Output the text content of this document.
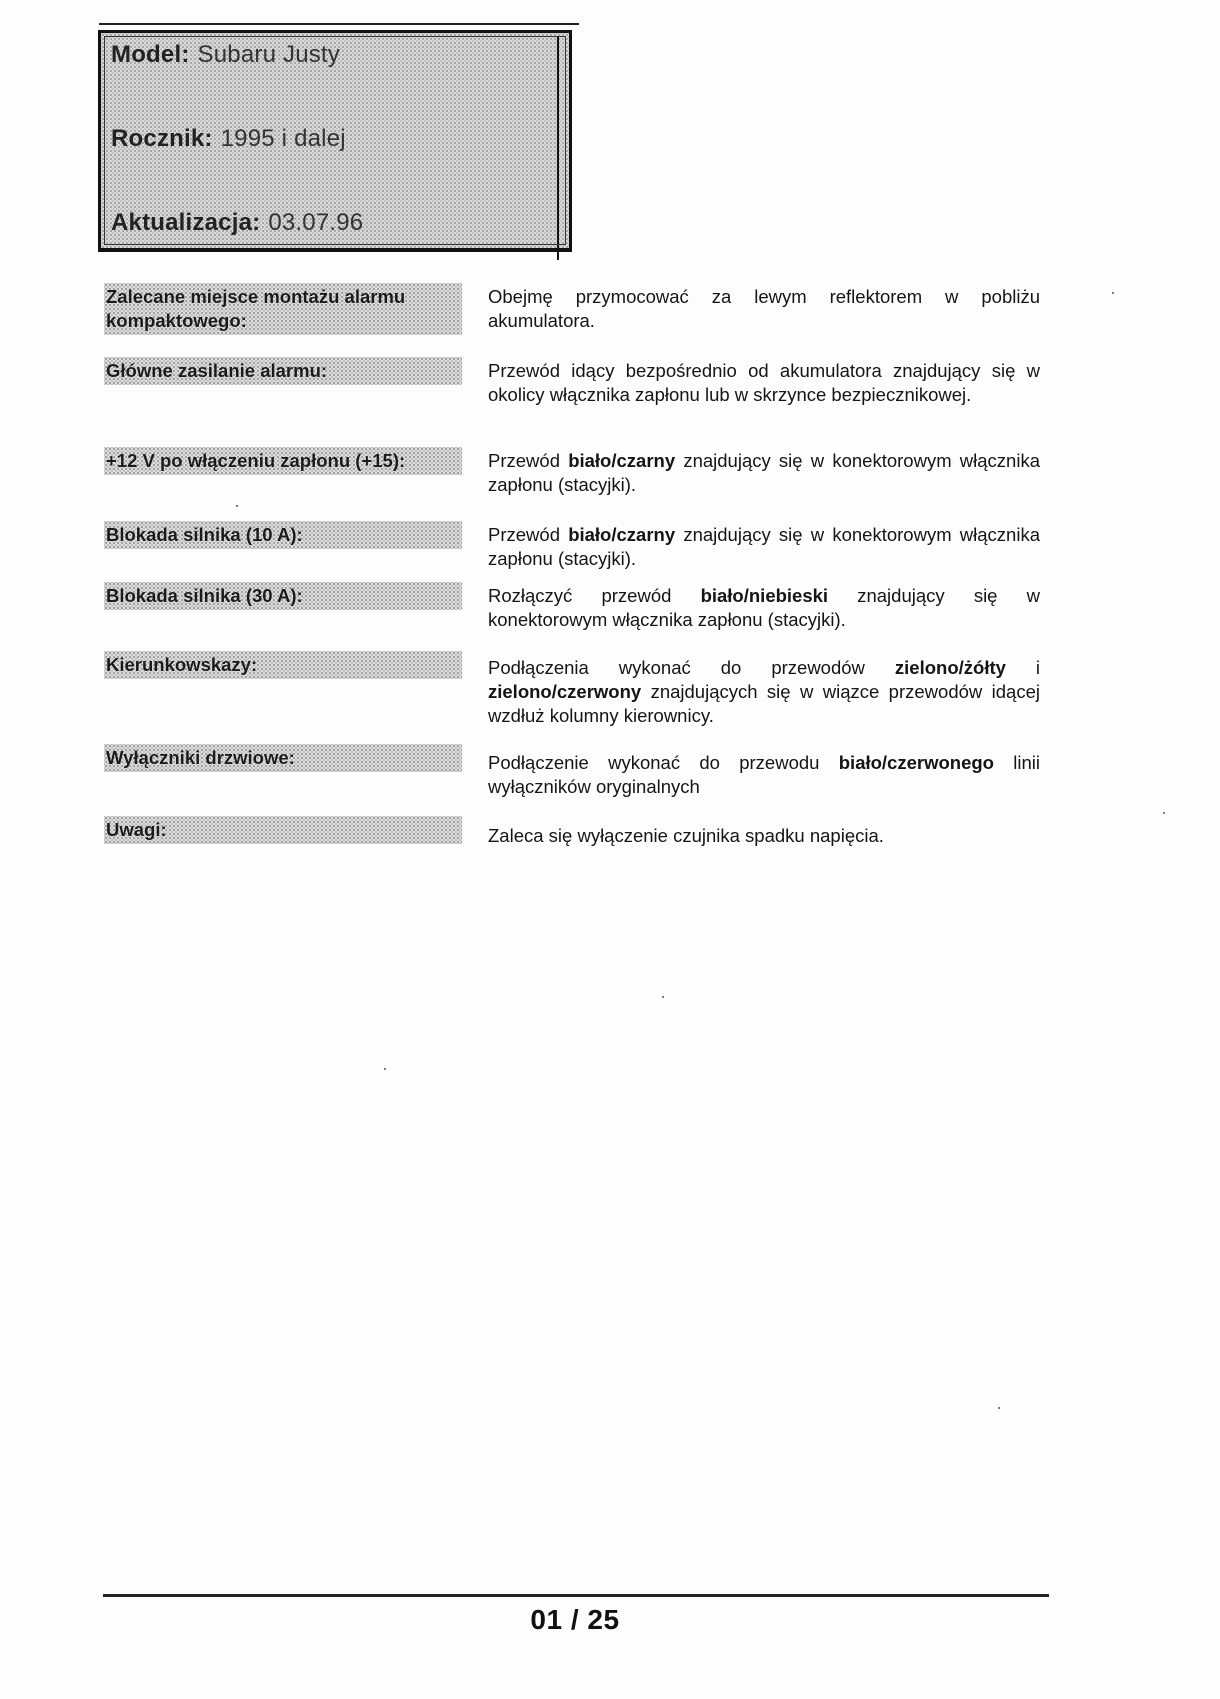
Model: Subaru Justy
Rocznik: 1995 i dalej
Aktualizacja: 03.07.96
Zalecane miejsce montażu alarmu kompaktowego:
Obejmę przymocować za lewym reflektorem w pobliżu akumulatora.
Główne zasilanie alarmu:	Przewód idący bezpośrednio od akumulatora znajdujący się w okolicy włącznika zapłonu lub w skrzynce bezpiecznikowej.
+12 V po włączeniu zapłonu (+15):	Przewód biało/czarny znajdujący się w konektorowym włącznika zapłonu (stacyjki).
Blokada silnika (10 A):	Przewód biało/czarny znajdujący się w konektorowym włącznika zapłonu (stacyjki).
Blokada silnika (30 A):	Rozłączyć przewód biało/niebieski znajdujący się w konektorowym włącznika zapłonu (stacyjki).
Kierunkowskazy:	Podłączenia wykonać do przewodów zielono/żółty i zielono/czerwony znajdujących się w wiązce przewodów idącej wzdłuż kolumny kierownicy.
Wyłączniki drzwiowe:	Podłączenie wykonać do przewodu biało/czerwonego linii wyłączników oryginalnych
Uwagi:	Zaleca się wyłączenie czujnika spadku napięcia.
01 / 25
